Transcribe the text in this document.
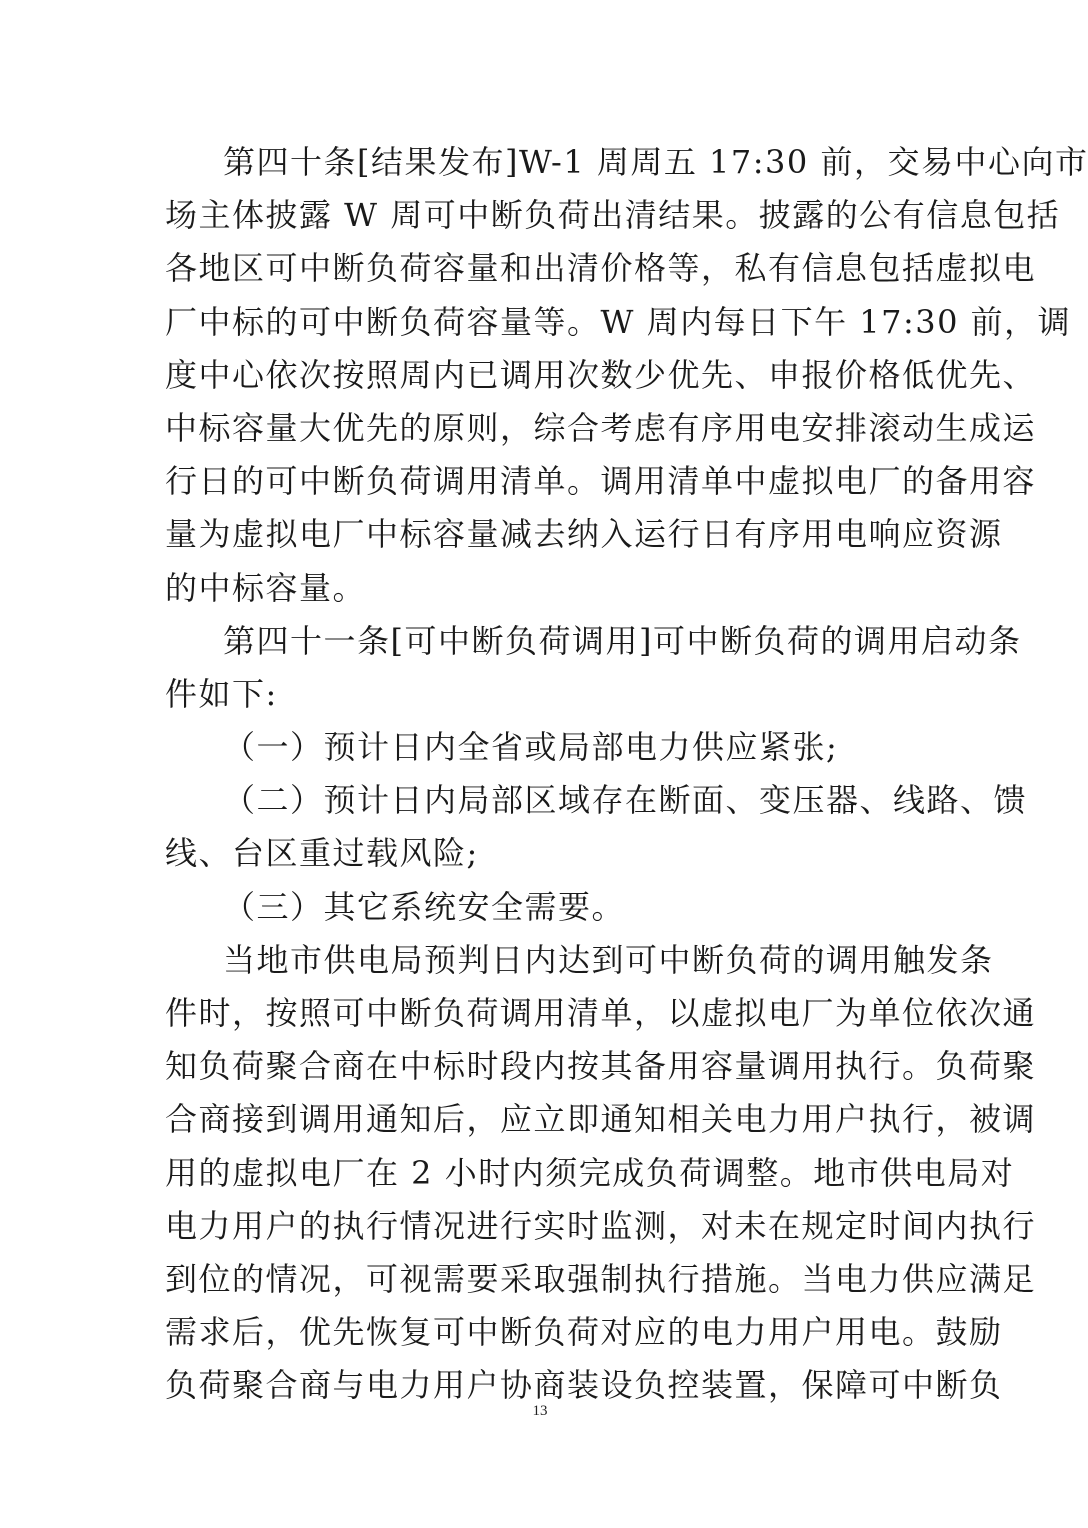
第四十条[结果发布]W-1 周周五 17:30 前，交易中心向市
场主体披露 W 周可中断负荷出清结果。披露的公有信息包括
各地区可中断负荷容量和出清价格等，私有信息包括虚拟电
厂中标的可中断负荷容量等。W 周内每日下午 17:30 前，调
度中心依次按照周内已调用次数少优先、申报价格低优先、
中标容量大优先的原则，综合考虑有序用电安排滚动生成运
行日的可中断负荷调用清单。调用清单中虚拟电厂的备用容
量为虚拟电厂中标容量减去纳入运行日有序用电响应资源
的中标容量。
第四十一条[可中断负荷调用]可中断负荷的调用启动条
件如下:
（一）预计日内全省或局部电力供应紧张;
（二）预计日内局部区域存在断面、变压器、线路、馈
线、台区重过载风险;
（三）其它系统安全需要。
当地市供电局预判日内达到可中断负荷的调用触发条
件时，按照可中断负荷调用清单，以虚拟电厂为单位依次通
知负荷聚合商在中标时段内按其备用容量调用执行。负荷聚
合商接到调用通知后，应立即通知相关电力用户执行，被调
用的虚拟电厂在 2 小时内须完成负荷调整。地市供电局对
电力用户的执行情况进行实时监测，对未在规定时间内执行
到位的情况，可视需要采取强制执行措施。当电力供应满足
需求后，优先恢复可中断负荷对应的电力用户用电。鼓励
负荷聚合商与电力用户协商装设负控装置，保障可中断负
13
